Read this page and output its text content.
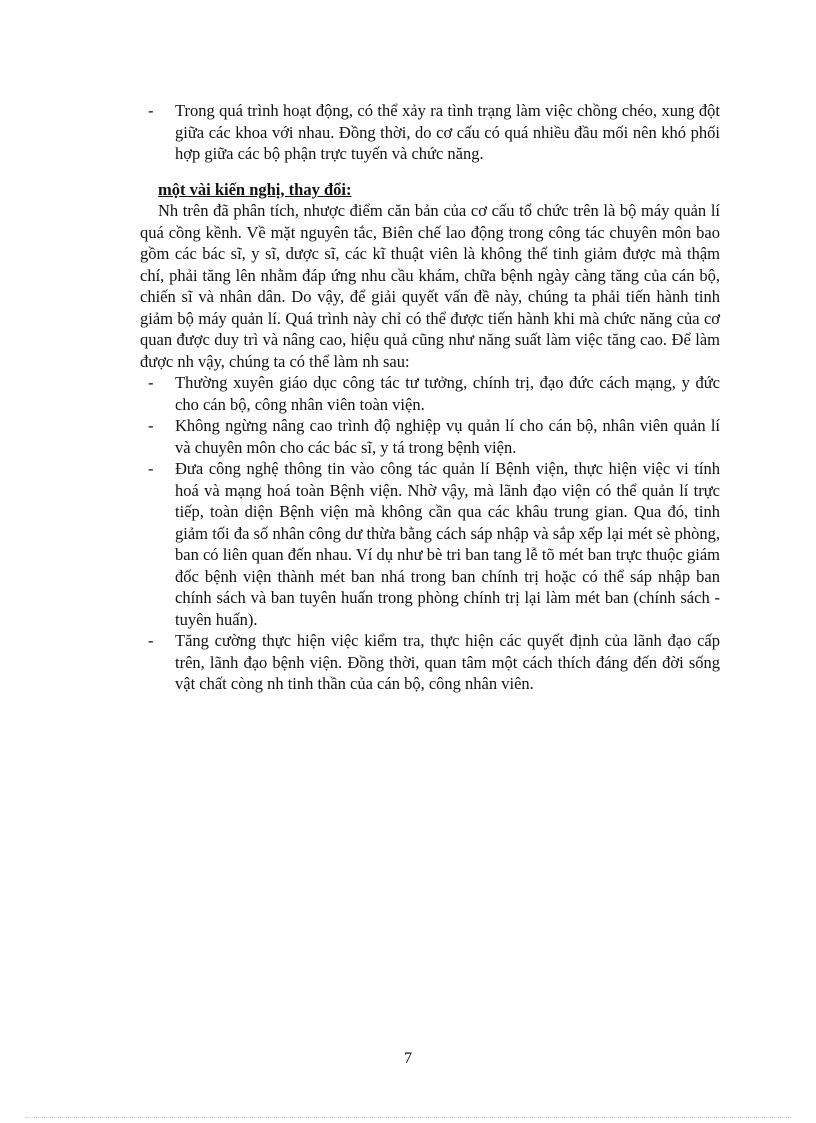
- Trong quá trình hoạt động, có thể xảy ra tình trạng làm việc chồng chéo, xung đột giữa các khoa với nhau. Đồng thời, do cơ cấu có quá nhiều đầu mối nên khó phối hợp giữa các bộ phận trực tuyến và chức năng.
một vài kiến nghị, thay đổi:
Nh trên đã phân tích, nhược điểm căn bản của cơ cấu tổ chức trên là bộ máy quản lí quá cồng kềnh. Về mặt nguyên tắc, Biên chế lao động trong công tác chuyên môn bao gồm các bác sĩ, y sĩ, dược sĩ, các kĩ thuật viên là không thể tinh giảm được mà thậm chí, phải tăng lên nhằm đáp ứng nhu cầu khám, chữa bệnh ngày càng tăng của cán bộ, chiến sĩ và nhân dân. Do vậy, để giải quyết vấn đề này, chúng ta phải tiến hành tinh giảm bộ máy quản lí. Quá trình này chỉ có thể được tiến hành khi mà chức năng của cơ quan được duy trì và nâng cao, hiệu quả cũng như năng suất làm việc tăng cao. Để làm được nh vậy, chúng ta có thể làm nh sau:
- Thường xuyên giáo dục công tác tư tưởng, chính trị, đạo đức cách mạng, y đức cho cán bộ, công nhân viên toàn viện.
- Không ngừng nâng cao trình độ nghiệp vụ quản lí cho cán bộ, nhân viên quản lí và chuyên môn cho các bác sĩ, y tá trong bệnh viện.
- Đưa công nghệ thông tin vào công tác quản lí Bệnh viện, thực hiện việc vi tính hoá và mạng hoá toàn Bệnh viện. Nhờ vậy, mà lãnh đạo viện có thể quản lí trực tiếp, toàn diện Bệnh viện mà không cần qua các khâu trung gian. Qua đó, tinh giảm tối đa số nhân công dư thừa bằng cách sáp nhập và sắp xếp lại mét sè phòng, ban có liên quan đến nhau. Ví dụ như bè tri ban tang lễ tõ mét ban trực thuộc giám đốc bệnh viện thành mét ban nhá trong ban chính trị hoặc có thể sáp nhập ban chính sách và ban tuyên huấn trong phòng chính trị lại làm mét ban (chính sách - tuyên huấn).
- Tăng cường thực hiện việc kiểm tra, thực hiện các quyết định của lãnh đạo cấp trên, lãnh đạo bệnh viện. Đồng thời, quan tâm một cách thích đáng đến đời sống vật chất còng nh tinh thần của cán bộ, công nhân viên.
7
